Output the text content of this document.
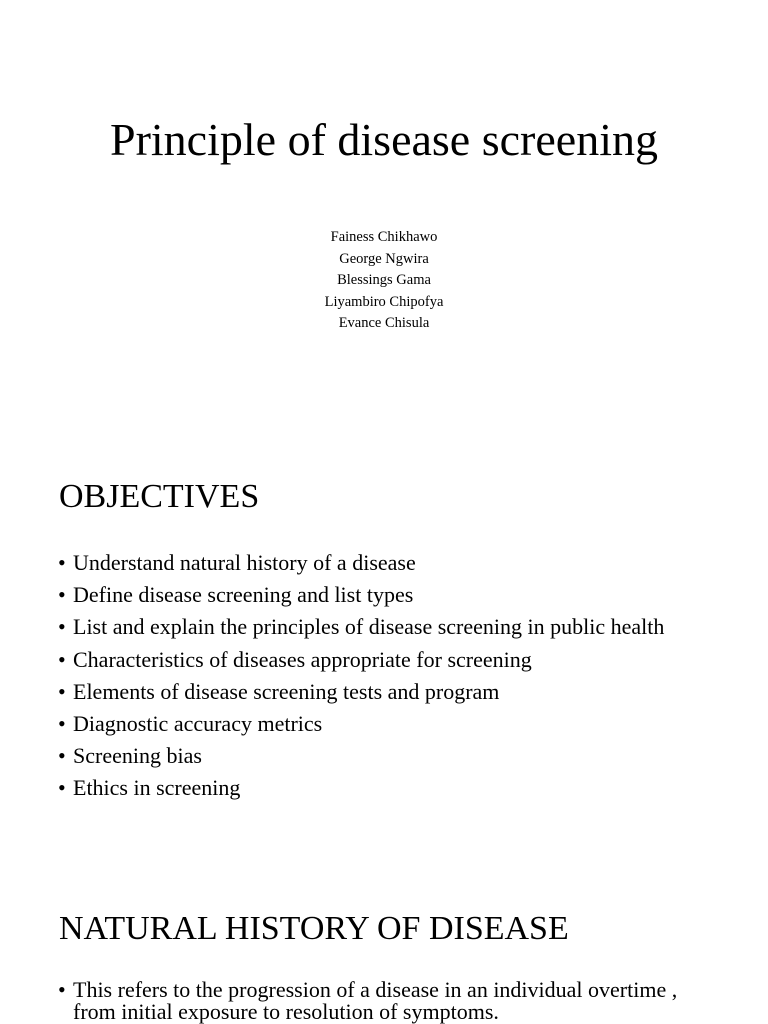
Principle of disease screening
Fainess Chikhawo
George Ngwira
Blessings Gama
Liyambiro Chipofya
Evance Chisula
OBJECTIVES
• Understand natural history of a disease
• Define disease screening and list types
• List and explain the principles of disease screening in public health
• Characteristics of diseases appropriate for screening
• Elements of disease screening tests and program
• Diagnostic accuracy metrics
• Screening bias
• Ethics in screening
NATURAL HISTORY OF DISEASE
• This refers to the progression of a disease in an individual overtime , from initial exposure to resolution of symptoms.
